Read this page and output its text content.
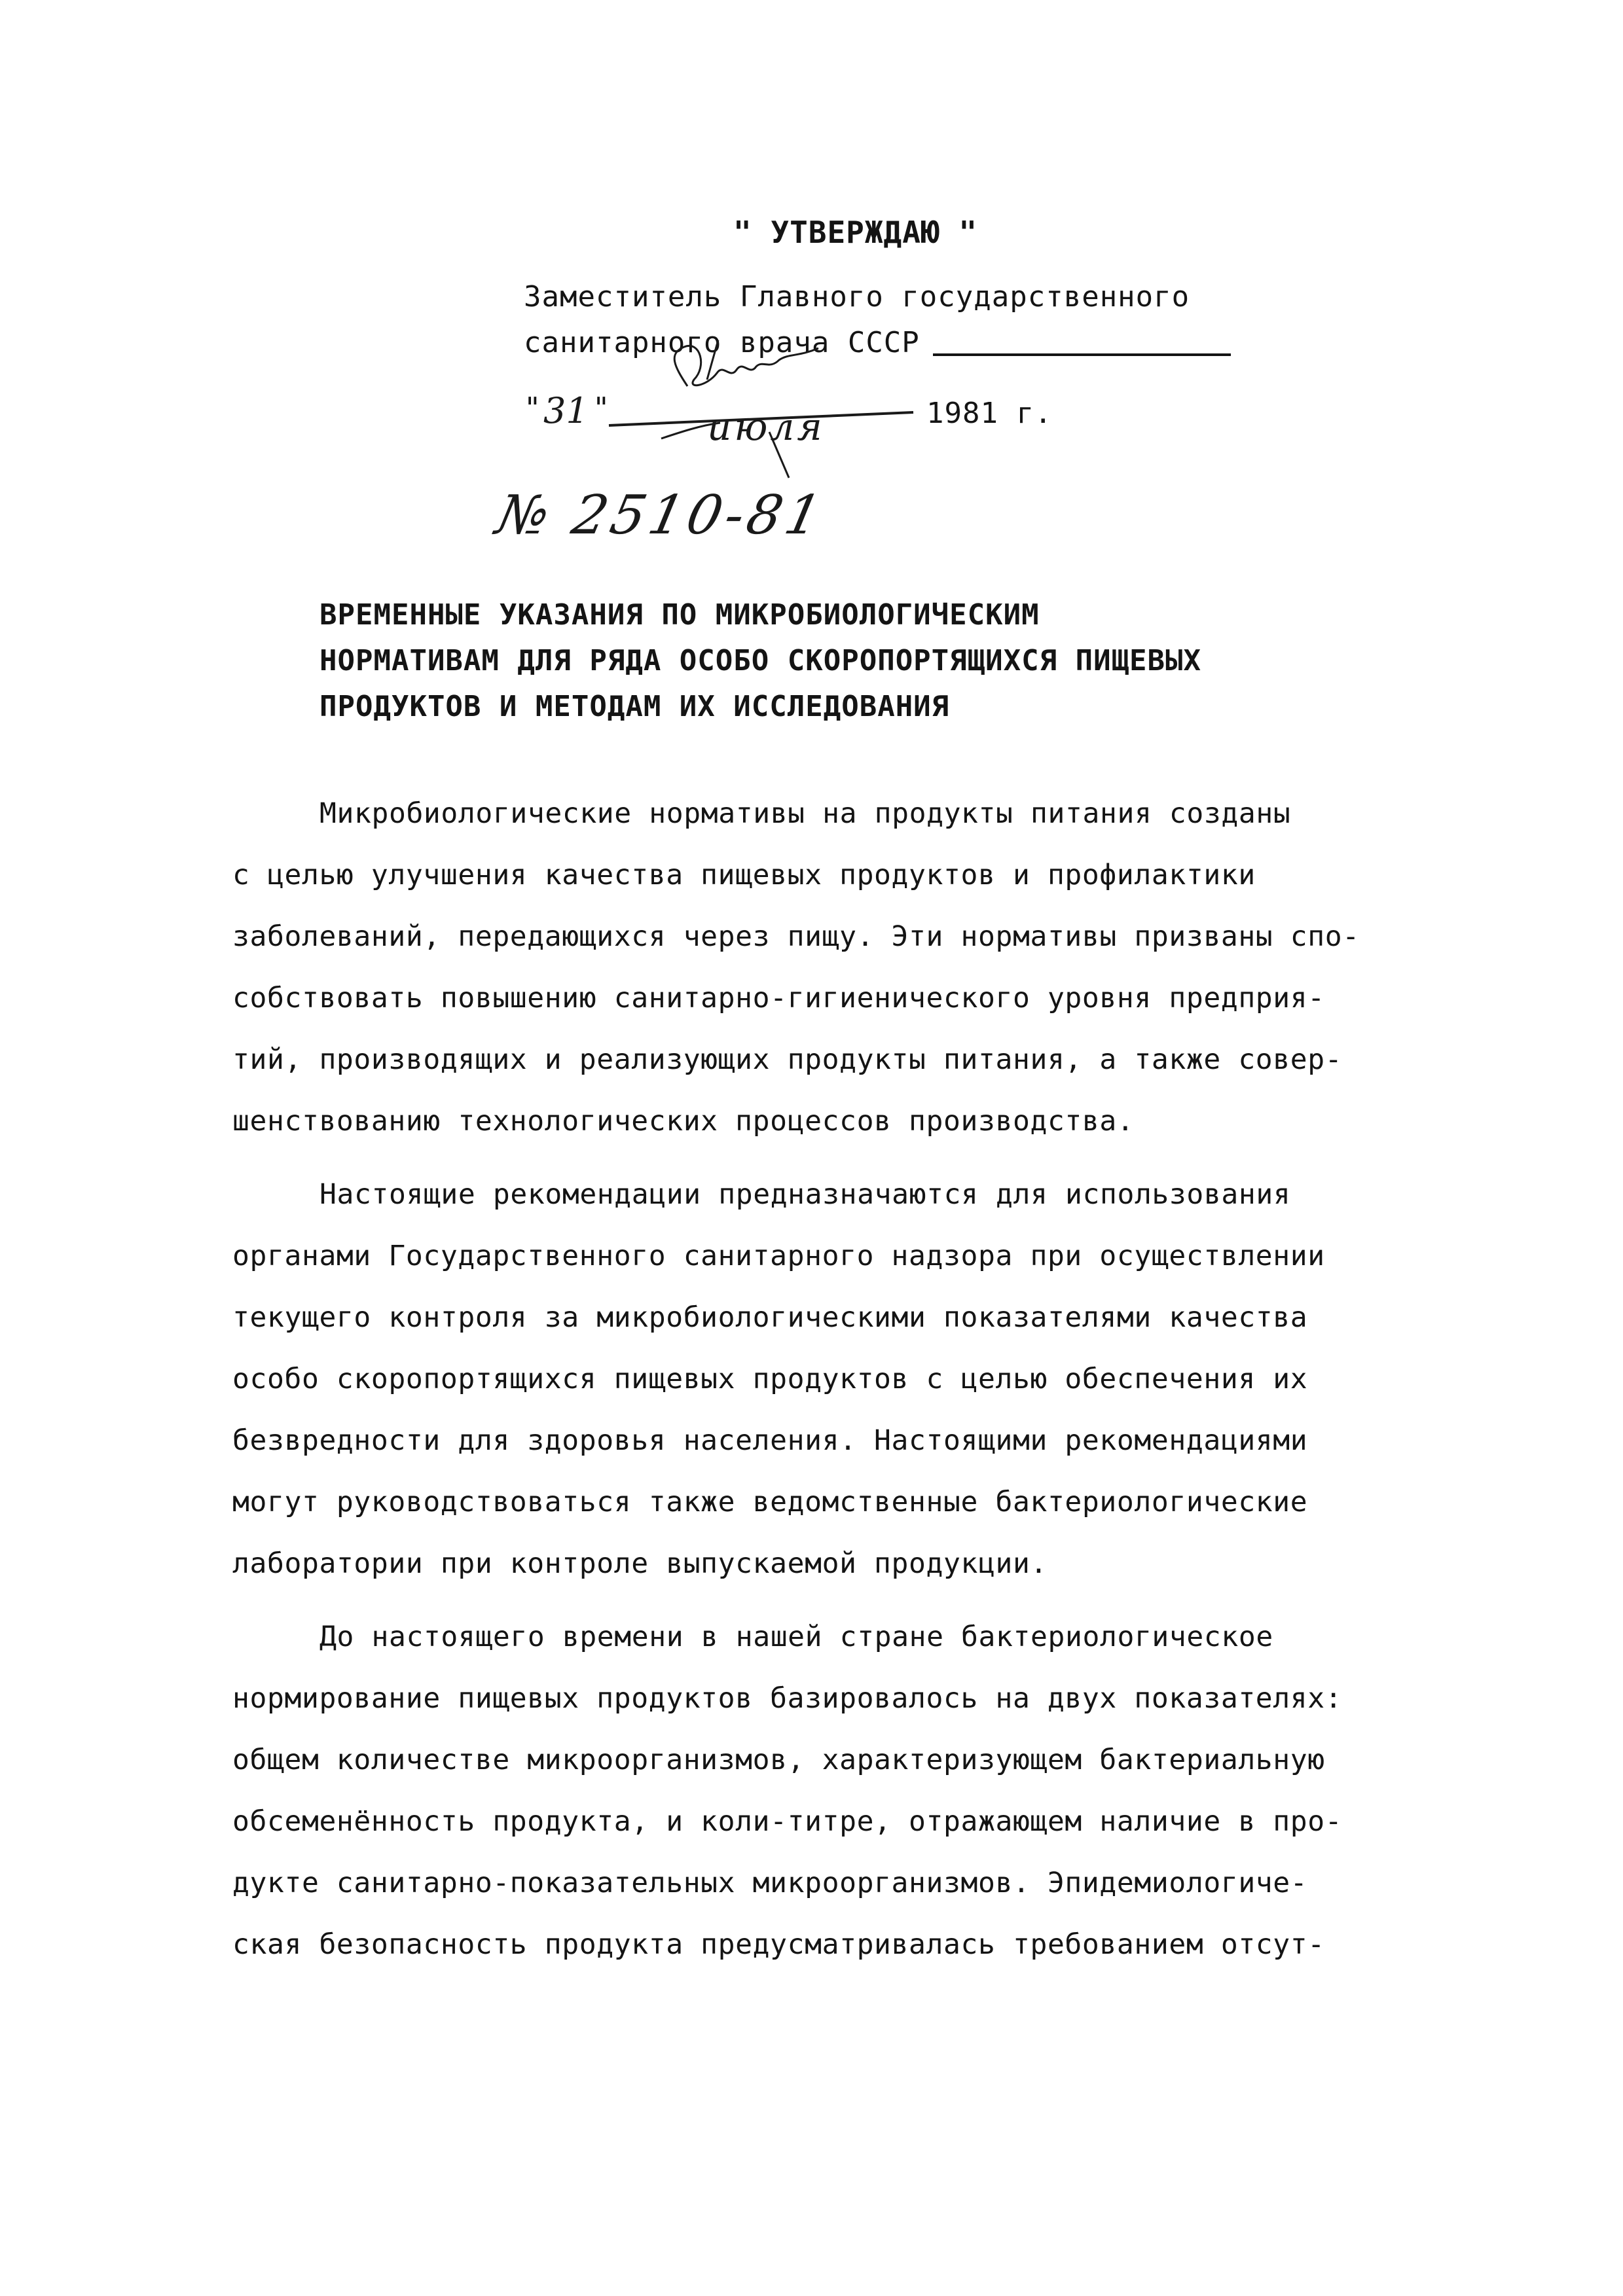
" УТВЕРЖДАЮ "
Заместитель Главного государственного
санитарного врача СССР
" 31 "	июля	1981 г.
№ 2510-81
ВРЕМЕННЫЕ УКАЗАНИЯ ПО МИКРОБИОЛОГИЧЕСКИМ
НОРМАТИВАМ ДЛЯ РЯДА ОСОБО СКОРОПОРТЯЩИХСЯ ПИЩЕВЫХ
ПРОДУКТОВ И МЕТОДАМ ИХ ИССЛЕДОВАНИЯ
Микробиологические нормативы на продукты питания созданы
с целью улучшения качества пищевых продуктов и профилактики
заболеваний, передающихся через пищу. Эти нормативы призваны спо-
собствовать повышению санитарно-гигиенического уровня предприя-
тий, производящих и реализующих продукты питания, а также совер-
шенствованию технологических процессов производства.
Настоящие рекомендации предназначаются для использования
органами Государственного санитарного надзора при осуществлении
текущего контроля за микробиологическими показателями качества
особо скоропортящихся пищевых продуктов с целью обеспечения их
безвредности для здоровья населения. Настоящими рекомендациями
могут руководствоваться также ведомственные бактериологические
лаборатории при контроле выпускаемой продукции.
До настоящего времени в нашей стране бактериологическое
нормирование пищевых продуктов базировалось на двух показателях:
общем количестве микроорганизмов, характеризующем бактериальную
обсеменённость продукта, и коли-титре, отражающем наличие в про-
дукте санитарно-показательных микроорганизмов. Эпидемиологиче-
ская безопасность продукта предусматривалась требованием отсут-
